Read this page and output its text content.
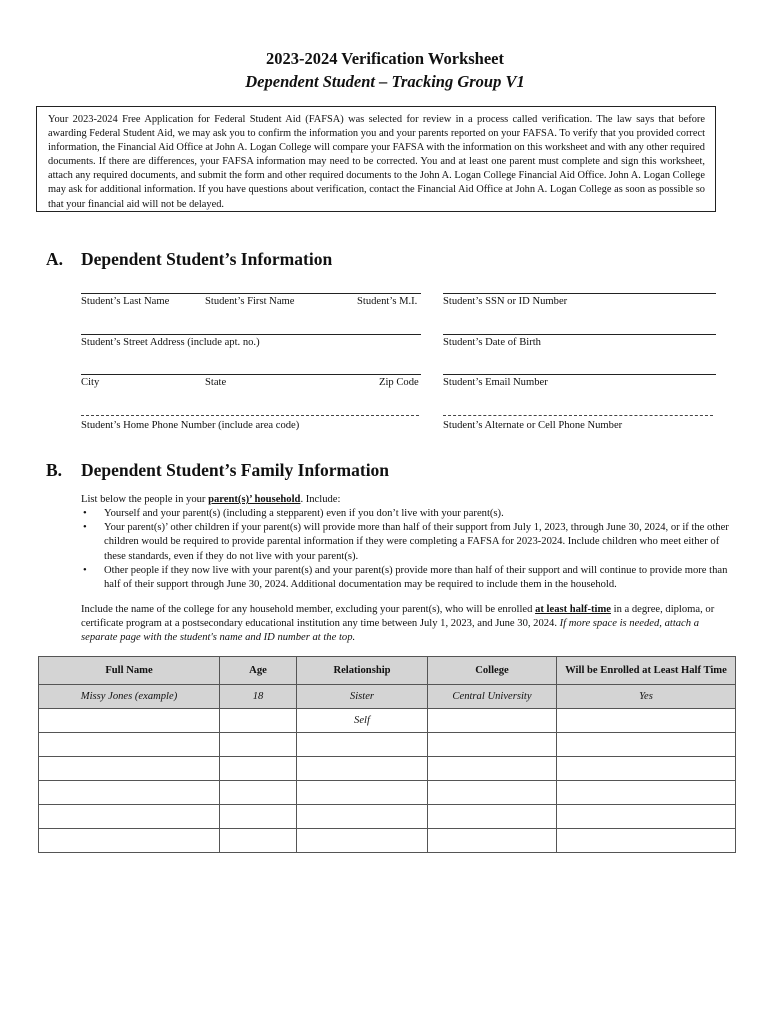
2023-2024 Verification Worksheet
Dependent Student – Tracking Group V1
Your 2023-2024 Free Application for Federal Student Aid (FAFSA) was selected for review in a process called verification. The law says that before awarding Federal Student Aid, we may ask you to confirm the information you and your parents reported on your FAFSA. To verify that you provided correct information, the Financial Aid Office at John A. Logan College will compare your FAFSA with the information on this worksheet and with any other required documents. If there are differences, your FAFSA information may need to be corrected. You and at least one parent must complete and sign this worksheet, attach any required documents, and submit the form and other required documents to the John A. Logan College Financial Aid Office. John A. Logan College may ask for additional information. If you have questions about verification, contact the Financial Aid Office at John A. Logan College as soon as possible so that your financial aid will not be delayed.
A. Dependent Student’s Information
Student’s Last Name	Student’s First Name	Student’s M.I. Student’s SSN or ID Number
Student’s Street Address (include apt. no.)	Student’s Date of Birth
City	State	Zip Code Student’s Email Number
Student’s Home Phone Number (include area code)	Student’s Alternate or Cell Phone Number
B. Dependent Student’s Family Information
List below the people in your parent(s)’ household. Include:
• Yourself and your parent(s) (including a stepparent) even if you don’t live with your parent(s).
• Your parent(s)’ other children if your parent(s) will provide more than half of their support from July 1, 2023, through June 30, 2024, or if the other children would be required to provide parental information if they were completing a FAFSA for 2023-2024. Include children who meet either of these standards, even if they do not live with your parent(s).
• Other people if they now live with your parent(s) and your parent(s) provide more than half of their support and will continue to provide more than half of their support through June 30, 2024. Additional documentation may be required to include them in the household.
Include the name of the college for any household member, excluding your parent(s), who will be enrolled at least half-time in a degree, diploma, or certificate program at a postsecondary educational institution any time between July 1, 2023, and June 30, 2024. If more space is needed, attach a separate page with the student's name and ID number at the top.
Full Name	Age	Relationship	College	Will be Enrolled at Least Half Time
Missy Jones (example)	18	Sister	Central University	Yes
		Self		
